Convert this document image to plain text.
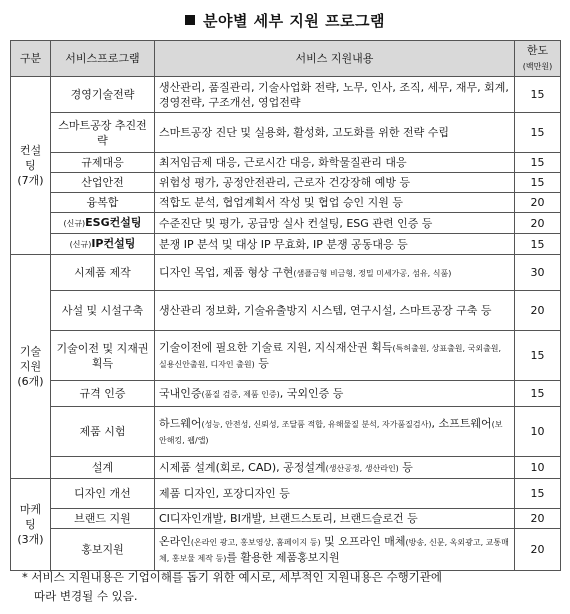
분야별 세부 지원 프로그램
구분	서비스프로그램	서비스 지원내용	한도
(백만원)
컨설팅
(7개)	경영기술전략	생산관리, 품질관리, 기술사업화 전략, 노무, 인사, 조직, 세무, 재무, 회계, 경영전략, 구조개선, 영업전략	15
	스마트공장 추진전략	스마트공장 진단 및 실용화, 활성화, 고도화를 위한 전략 수립	15
	규제대응	최저임금제 대응, 근로시간 대응, 화학물질관리 대응	15
	산업안전	위험성 평가, 공정안전관리, 근로자 건강장해 예방 등	15
	융복합	적합도 분석, 협업계획서 작성 및 협업 승인 지원 등	20
	(신규)ESG컨설팅	수준진단 및 평가, 공급망 실사 컨설팅, ESG 관련 인증 등	20
	(신규)IP컨설팅	분쟁 IP 분석 및 대상 IP 무효화, IP 분쟁 공동대응 등	15
기술 지원
(6개)	시제품 제작	디자인 목업, 제품 형상 구현(샘플금형 비금형, 정밀 미세가공, 섬유, 식품)	30
	사설 및 시설구축	생산관리 정보화, 기술유출방지 시스템, 연구시설, 스마트공장 구축 등	20
	기술이전 및 지재권 획득	기술이전에 필요한 기술료 지원, 지식재산권 획득(특허출원, 상표출원, 국외출원, 실용신안출원, 디자인 출원) 등	15
	규격 인증	국내인증(품질 검증, 제품 인증), 국외인증 등	15
	제품 시험	하드웨어(성능, 안전성, 신뢰성, 조달품 적합, 유해물질 분석, 자가품질검사), 소프트웨어(보안해킹, 웹/앱)	10
	설계	시제품 설계(회로, CAD), 공정설계(생산공정, 생산라인) 등	10
마케팅
(3개)	디자인 개선	제품 디자인, 포장디자인 등	15
	브랜드 지원	CI디자인개발, BI개발, 브랜드스토리, 브랜드슬로건 등	20
	홍보지원	온라인(온라인 광고, 홍보영상, 홈페이지 등) 및 오프라인 매체(방송, 신문, 옥외광고, 교통매체, 홍보물 제작 등)를 활용한 제품홍보지원	20
* 서비스 지원내용은 기업이해를 돕기 위한 예시로, 세부적인 지원내용은 수행기관에
따라 변경될 수 있음.
